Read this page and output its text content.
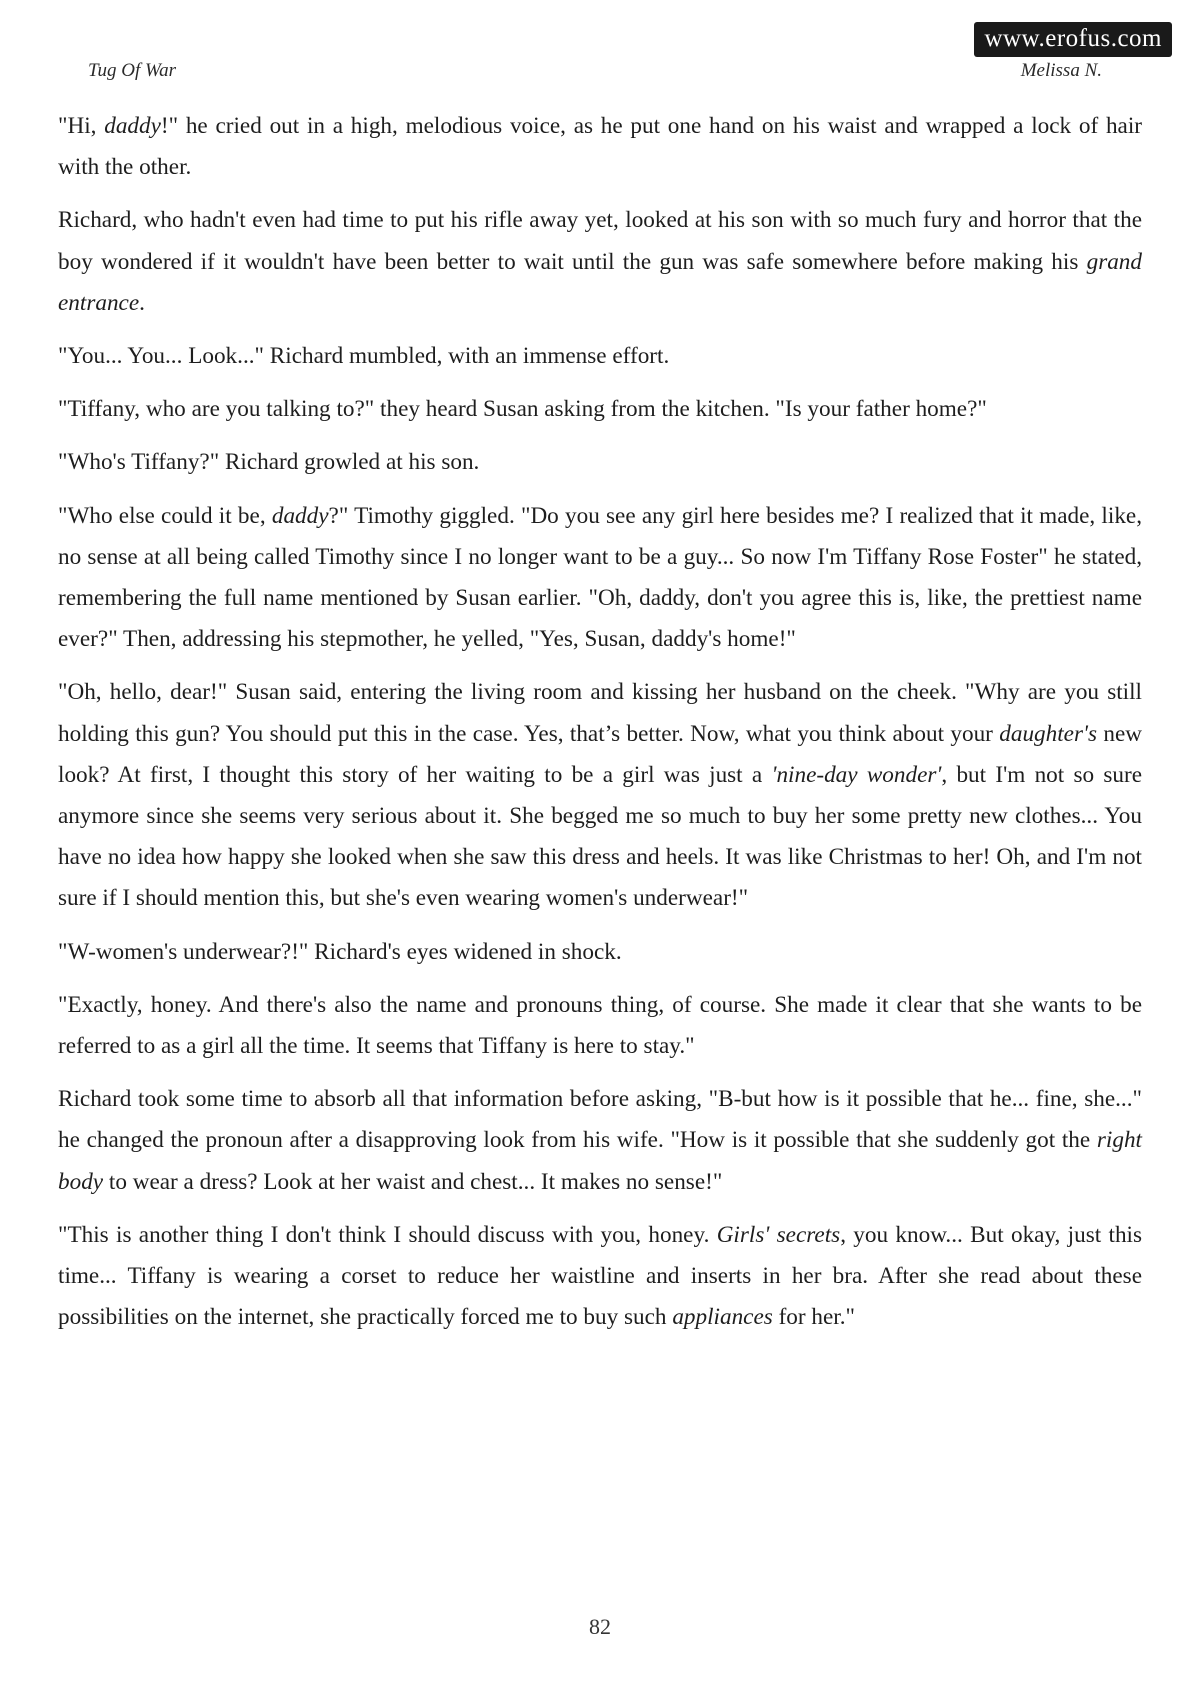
www.erofus.com
Tug Of War	Melissa N.

"Hi, daddy!" he cried out in a high, melodious voice, as he put one hand on his waist and wrapped a lock of hair with the other.

Richard, who hadn't even had time to put his rifle away yet, looked at his son with so much fury and horror that the boy wondered if it wouldn't have been better to wait until the gun was safe somewhere before making his grand entrance.

"You... You... Look..." Richard mumbled, with an immense effort.

"Tiffany, who are you talking to?" they heard Susan asking from the kitchen. "Is your father home?"

"Who's Tiffany?" Richard growled at his son.

"Who else could it be, daddy?" Timothy giggled. "Do you see any girl here besides me? I realized that it made, like, no sense at all being called Timothy since I no longer want to be a guy... So now I'm Tiffany Rose Foster" he stated, remembering the full name mentioned by Susan earlier. "Oh, daddy, don't you agree this is, like, the prettiest name ever?" Then, addressing his stepmother, he yelled, "Yes, Susan, daddy's home!"

"Oh, hello, dear!" Susan said, entering the living room and kissing her husband on the cheek. "Why are you still holding this gun? You should put this in the case. Yes, that’s better. Now, what you think about your daughter's new look? At first, I thought this story of her waiting to be a girl was just a 'nine-day wonder', but I'm not so sure anymore since she seems very serious about it. She begged me so much to buy her some pretty new clothes... You have no idea how happy she looked when she saw this dress and heels. It was like Christmas to her! Oh, and I'm not sure if I should mention this, but she's even wearing women's underwear!"

"W-women's underwear?!" Richard's eyes widened in shock.

"Exactly, honey. And there's also the name and pronouns thing, of course. She made it clear that she wants to be referred to as a girl all the time. It seems that Tiffany is here to stay."

Richard took some time to absorb all that information before asking, "B-but how is it possible that he... fine, she..." he changed the pronoun after a disapproving look from his wife. "How is it possible that she suddenly got the right body to wear a dress? Look at her waist and chest... It makes no sense!"

"This is another thing I don't think I should discuss with you, honey. Girls' secrets, you know... But okay, just this time... Tiffany is wearing a corset to reduce her waistline and inserts in her bra. After she read about these possibilities on the internet, she practically forced me to buy such appliances for her."

82
